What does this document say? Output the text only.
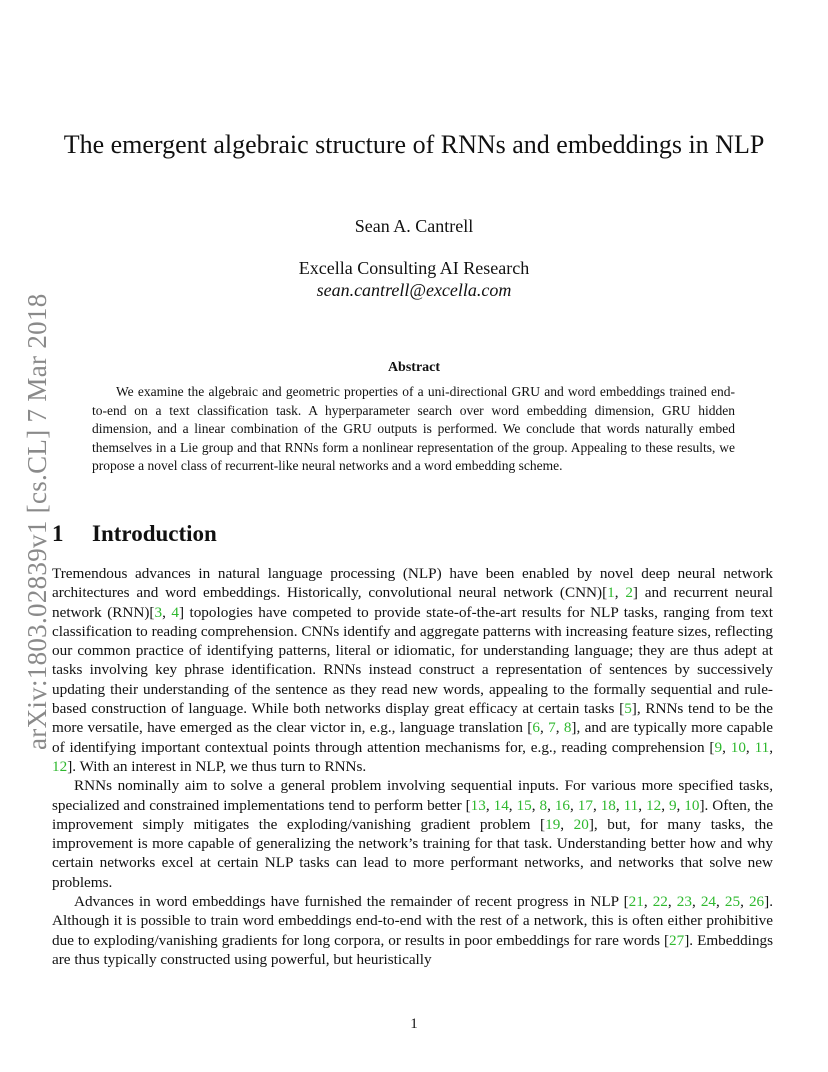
arXiv:1803.02839v1 [cs.CL] 7 Mar 2018
The emergent algebraic structure of RNNs and embeddings in NLP
Sean A. Cantrell
Excella Consulting AI Research
sean.cantrell@excella.com
Abstract
We examine the algebraic and geometric properties of a uni-directional GRU and word embeddings trained end-to-end on a text classification task. A hyperparameter search over word embedding dimension, GRU hidden dimension, and a linear combination of the GRU outputs is performed. We conclude that words naturally embed themselves in a Lie group and that RNNs form a nonlinear representation of the group. Appealing to these results, we propose a novel class of recurrent-like neural networks and a word embedding scheme.
1 Introduction

Tremendous advances in natural language processing (NLP) have been enabled by novel deep neural network architectures and word embeddings. Historically, convolutional neural network (CNN)[1, 2] and recurrent neural network (RNN)[3, 4] topologies have competed to provide state-of-the-art results for NLP tasks, ranging from text classification to reading comprehension. CNNs identify and aggregate patterns with increasing feature sizes, reflecting our common practice of identifying patterns, literal or idiomatic, for understanding language; they are thus adept at tasks involving key phrase identification. RNNs instead construct a representation of sentences by successively updating their understanding of the sentence as they read new words, appealing to the formally sequential and rule-based construction of language. While both networks display great efficacy at certain tasks [5], RNNs tend to be the more versatile, have emerged as the clear victor in, e.g., language translation [6, 7, 8], and are typically more capable of identifying important contextual points through attention mechanisms for, e.g., reading comprehension [9, 10, 11, 12]. With an interest in NLP, we thus turn to RNNs.

RNNs nominally aim to solve a general problem involving sequential inputs. For various more specified tasks, specialized and constrained implementations tend to perform better [13, 14, 15, 8, 16, 17, 18, 11, 12, 9, 10]. Often, the improvement simply mitigates the exploding/vanishing gradient problem [19, 20], but, for many tasks, the improvement is more capable of generalizing the network’s training for that task. Understanding better how and why certain networks excel at certain NLP tasks can lead to more performant networks, and networks that solve new problems.

Advances in word embeddings have furnished the remainder of recent progress in NLP [21, 22, 23, 24, 25, 26]. Although it is possible to train word embeddings end-to-end with the rest of a network, this is often either prohibitive due to exploding/vanishing gradients for long corpora, or results in poor embeddings for rare words [27]. Embeddings are thus typically constructed using powerful, but heuristically

1
